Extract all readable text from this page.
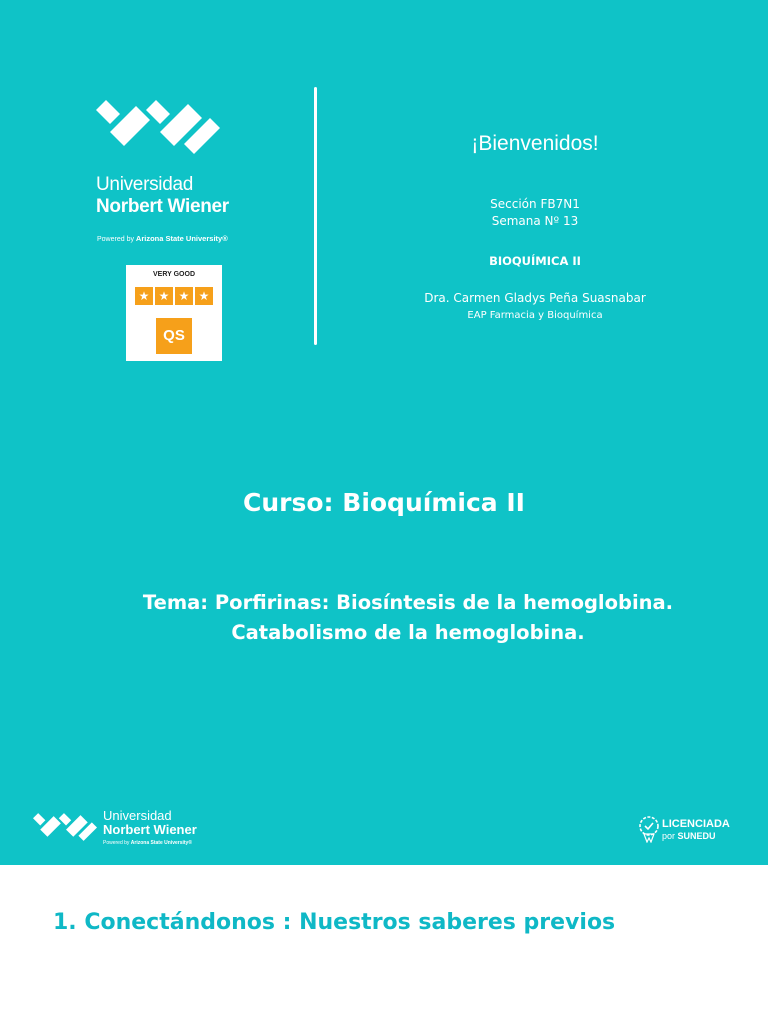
Universidad
Norbert Wiener
Powered by Arizona State University®
VERY GOOD
★ ★ ★ ★
QS
¡Bienvenidos!
Sección FB7N1
Semana Nº 13
BIOQUÍMICA II
Dra. Carmen Gladys Peña Suasnabar
EAP Farmacia y Bioquímica
Curso: Bioquímica II
Tema: Porfirinas: Biosíntesis de la hemoglobina.
Catabolismo de la hemoglobina.
Universidad
Norbert Wiener
Powered by Arizona State University®
LICENCIADA
por SUNEDU
1. Conectándonos : Nuestros saberes previos
